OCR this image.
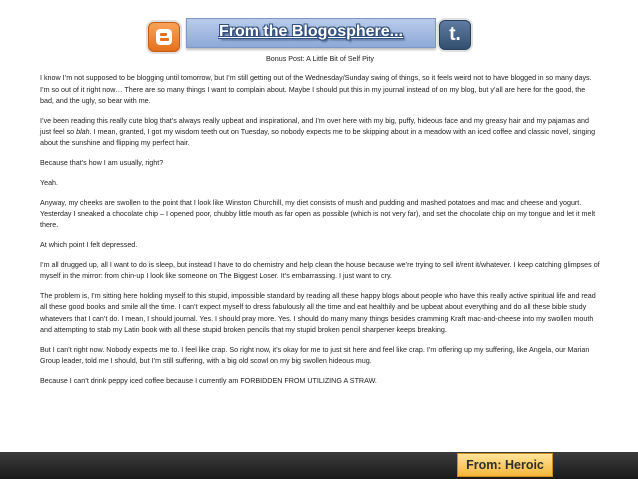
From the Blogosphere...	t.
Bonus Post: A Little Bit of Self Pity

I know I’m not supposed to be blogging until tomorrow, but I’m still getting out of the Wednesday/Sunday swing of things, so it feels weird not to have blogged in so many days. I’m so out of it right now… There are so many things I want to complain about. Maybe I should put this in my journal instead of on my blog, but y’all are here for the good, the bad, and the ugly, so bear with me.

I’ve been reading this really cute blog that’s always really upbeat and inspirational, and I’m over here with my big, puffy, hideous face and my greasy hair and my pajamas and just feel so blah. I mean, granted, I got my wisdom teeth out on Tuesday, so nobody expects me to be skipping about in a meadow with an iced coffee and classic novel, singing about the sunshine and flipping my perfect hair.

Because that’s how I am usually, right?

Yeah.

Anyway, my cheeks are swollen to the point that I look like Winston Churchill, my diet consists of mush and pudding and mashed potatoes and mac and cheese and yogurt. Yesterday I sneaked a chocolate chip – I opened poor, chubby little mouth as far open as possible (which is not very far), and set the chocolate chip on my tongue and let it melt there.

At which point I felt depressed.

I’m all drugged up, all I want to do is sleep, but instead I have to do chemistry and help clean the house because we’re trying to sell it/rent it/whatever. I keep catching glimpses of myself in the mirror: from chin-up I look like someone on The Biggest Loser. It’s embarrassing. I just want to cry.

The problem is, I’m sitting here holding myself to this stupid, impossible standard by reading all these happy blogs about people who have this really active spiritual life and read all these good books and smile all the time. I can’t expect myself to dress fabulously all the time and eat healthily and be upbeat about everything and do all these bible study whatevers that I can’t do. I mean, I should journal. Yes. I should pray more. Yes. I should do many many things besides cramming Kraft mac-and-cheese into my swollen mouth and attempting to stab my Latin book with all these stupid broken pencils that my stupid broken pencil sharpener keeps breaking.

But I can’t right now. Nobody expects me to. I feel like crap. So right now, it’s okay for me to just sit here and feel like crap. I’m offering up my suffering, like Angela, our Marian Group leader, told me I should, but I’m still suffering, with a big old scowl on my big swollen hideous mug.

Because I can’t drink peppy iced coffee because I currently am FORBIDDEN FROM UTILIZING A STRAW.

From: Heroic
